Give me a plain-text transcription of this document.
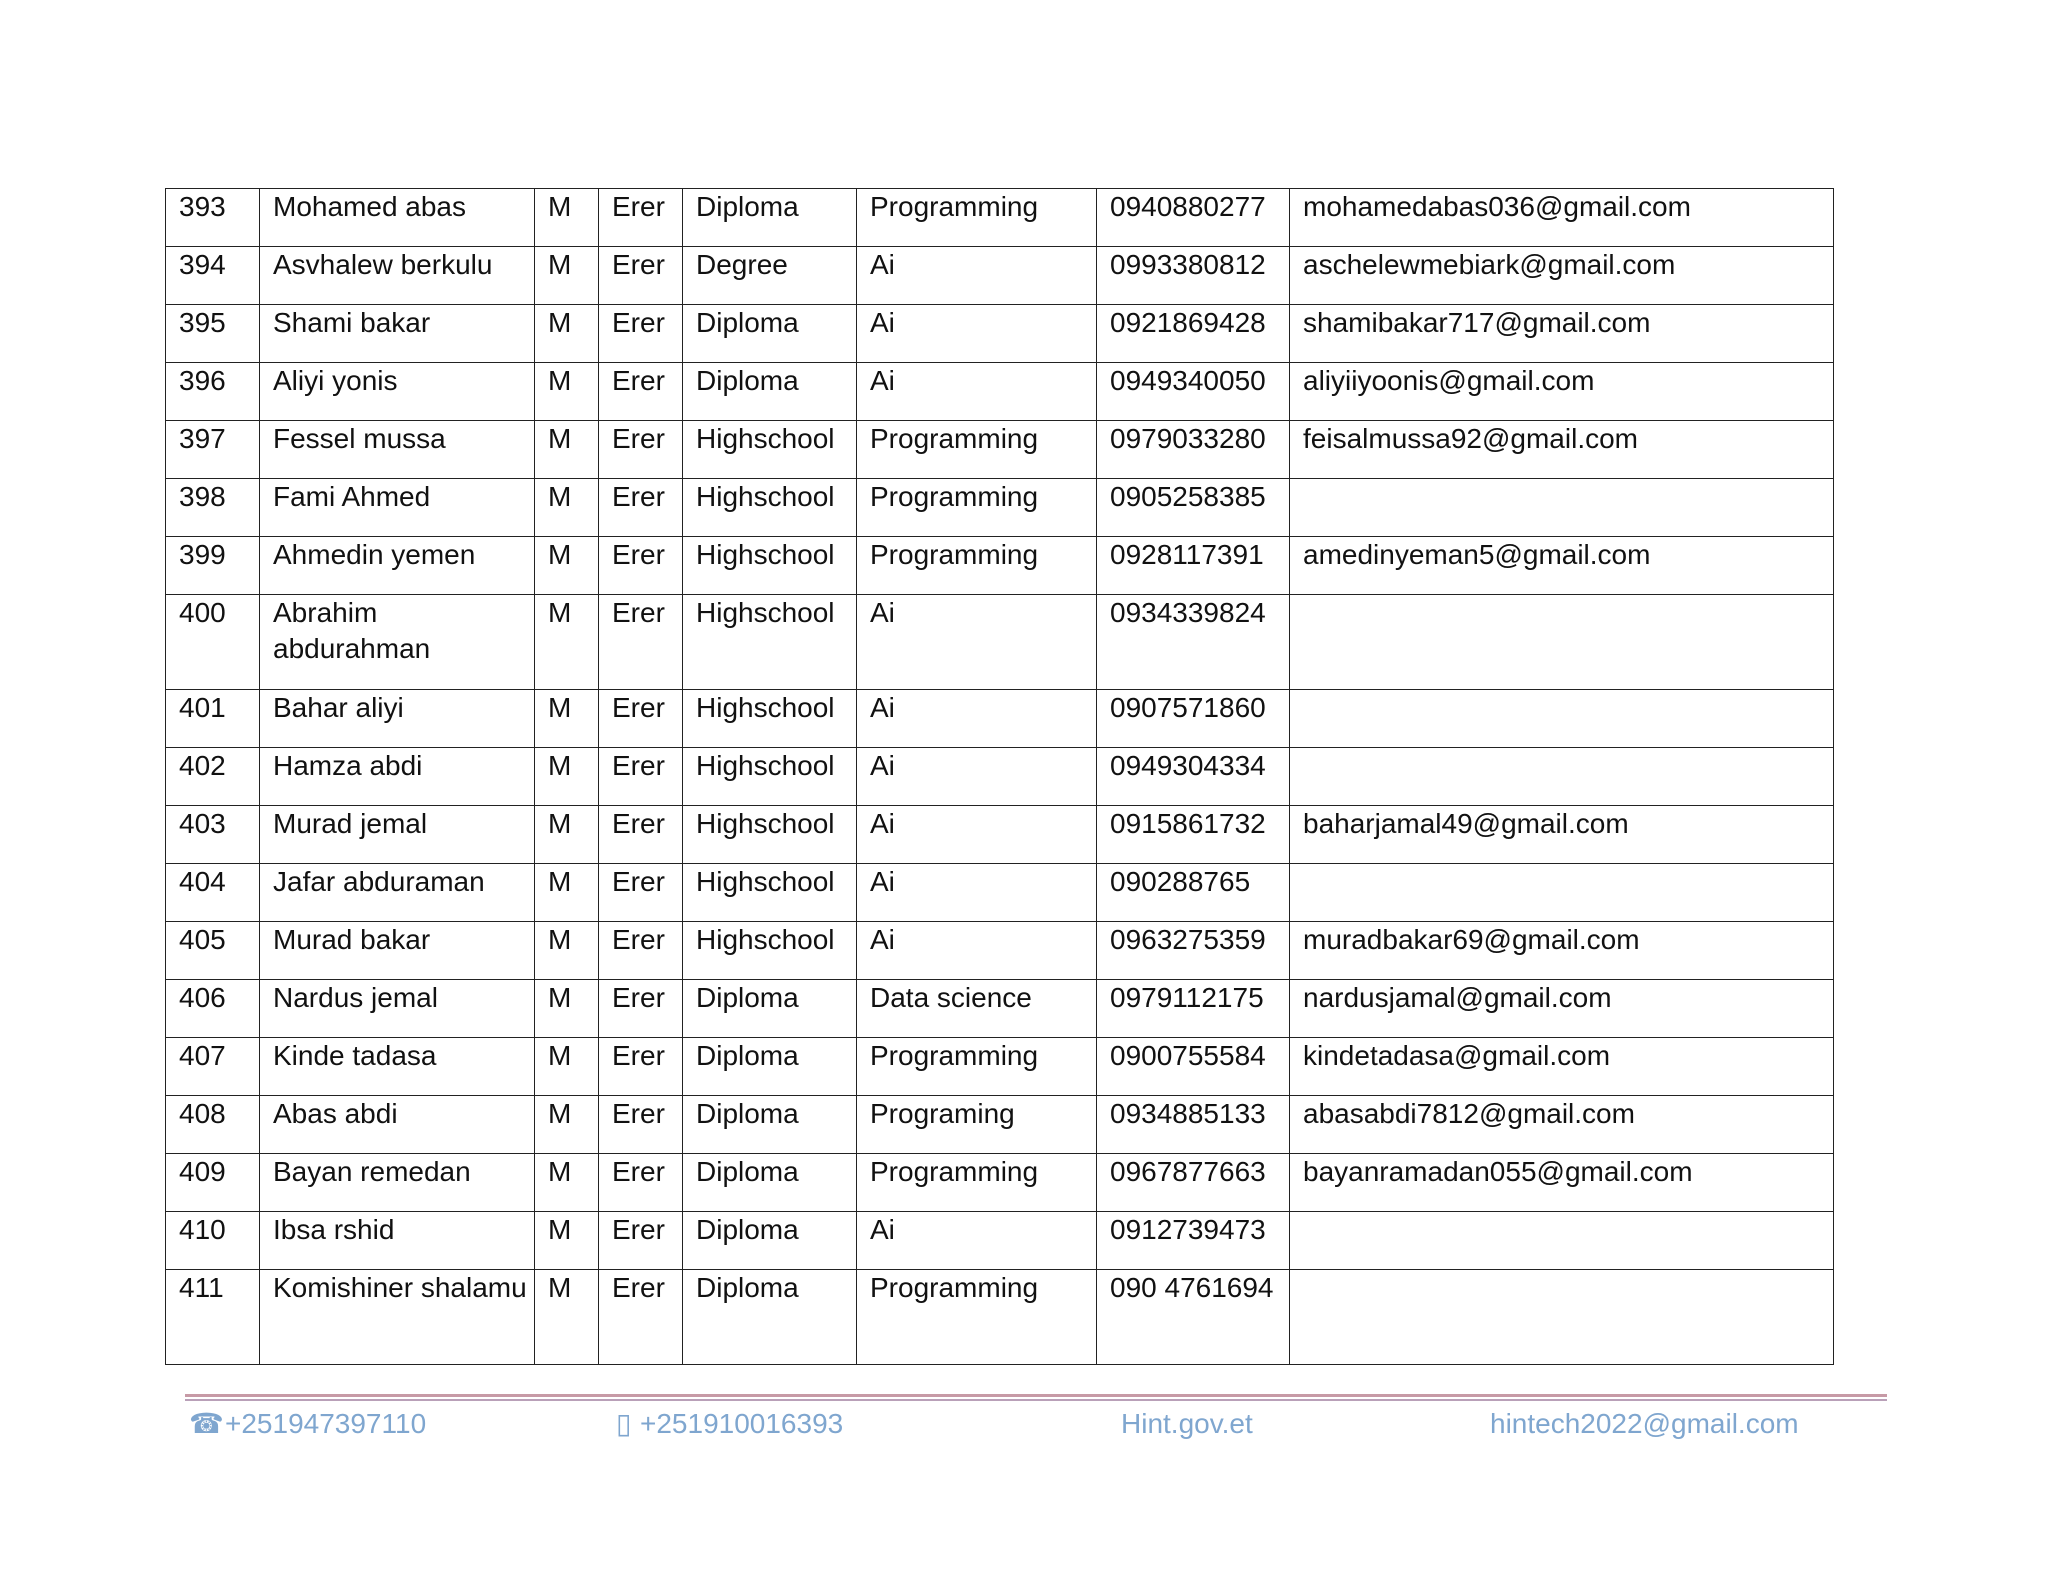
393	Mohamed abas	M	Erer	Diploma	Programming	0940880277	mohamedabas036@gmail.com

394	Asvhalew berkulu	M	Erer	Degree	Ai	0993380812	aschelewmebiark@gmail.com

395	Shami bakar	M	Erer	Diploma	Ai	0921869428	shamibakar717@gmail.com

396	Aliyi yonis	M	Erer	Diploma	Ai	0949340050	aliyiiyoonis@gmail.com

397	Fessel mussa	M	Erer	Highschool	Programming	0979033280	feisalmussa92@gmail.com

398	Fami Ahmed	M	Erer	Highschool	Programming	0905258385	

399	Ahmedin yemen	M	Erer	Highschool	Programming	0928117391	amedinyeman5@gmail.com

400	Abrahim abdurahman	M	Erer	Highschool	Ai	0934339824	

401	Bahar aliyi	M	Erer	Highschool	Ai	0907571860	

402	Hamza abdi	M	Erer	Highschool	Ai	0949304334	

403	Murad jemal	M	Erer	Highschool	Ai	0915861732	baharjamal49@gmail.com

404	Jafar abduraman	M	Erer	Highschool	Ai	090288765	

405	Murad bakar	M	Erer	Highschool	Ai	0963275359	muradbakar69@gmail.com

406	Nardus jemal	M	Erer	Diploma	Data science	0979112175	nardusjamal@gmail.com

407	Kinde tadasa	M	Erer	Diploma	Programming	0900755584	kindetadasa@gmail.com

408	Abas abdi	M	Erer	Diploma	Programing	0934885133	abasabdi7812@gmail.com

409	Bayan remedan	M	Erer	Diploma	Programming	0967877663	bayanramadan055@gmail.com

410	Ibsa rshid	M	Erer	Diploma	Ai	0912739473	

411	Komishiner shalamu	M	Erer	Diploma	Programming	090 4761694	

☎+251947397110	▯ +251910016393	Hint.gov.et	hintech2022@gmail.com
